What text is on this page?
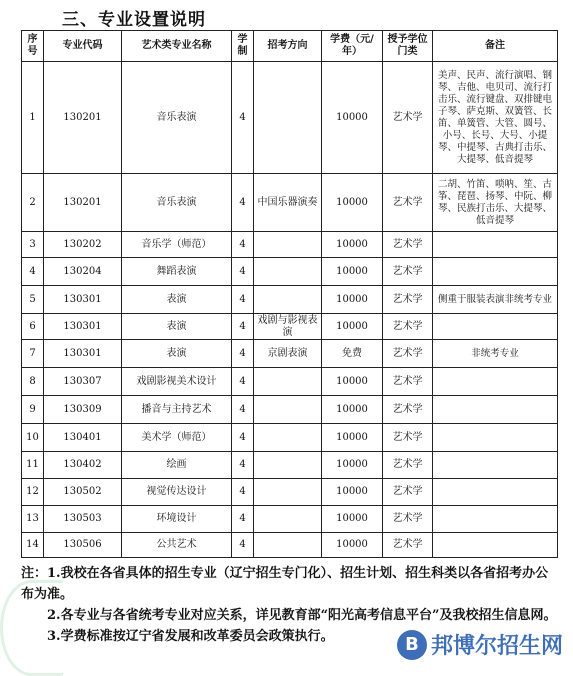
三、专业设置说明
序号	专业代码	艺术类专业名称	学制	招考方向	学费（元/年）	授予学位门类	备注
1	130201	音乐表演	4		10000	艺术学	美声、民声、流行演唱、钢琴、吉他、电贝司、流行打击乐、流行键盘、双排键电子琴、萨克斯、双簧管、长笛、单簧管、大管、圆号、小号、长号、大号、小提琴、中提琴、古典打击乐、大提琴、低音提琴
2	130201	音乐表演	4	中国乐器演奏	10000	艺术学	二胡、竹笛、唢呐、笙、古筝、琵琶、扬琴、中阮、柳琴、民族打击乐、大提琴、低音提琴
3	130202	音乐学（师范）	4		10000	艺术学	
4	130204	舞蹈表演	4		10000	艺术学	
5	130301	表演	4		10000	艺术学	侧重于服装表演非统考专业
6	130301	表演	4	戏剧与影视表演	10000	艺术学	
7	130301	表演	4	京剧表演	免费	艺术学	非统考专业
8	130307	戏剧影视美术设计	4		10000	艺术学	
9	130309	播音与主持艺术	4		10000	艺术学	
10	130401	美术学（师范）	4		10000	艺术学	
11	130402	绘画	4		10000	艺术学	
12	130502	视觉传达设计	4		10000	艺术学	
13	130503	环境设计	4		10000	艺术学	
14	130506	公共艺术	4		10000	艺术学	

注：1.我校在各省具体的招生专业（辽宁招生专门化）、招生计划、招生科类以各省招考办公布为准。

2.各专业与各省统考专业对应关系，详见教育部“阳光高考信息平台”及我校招生信息网。

3.学费标准按辽宁省发展和改革委员会政策执行。	B 邦博尔招生网
